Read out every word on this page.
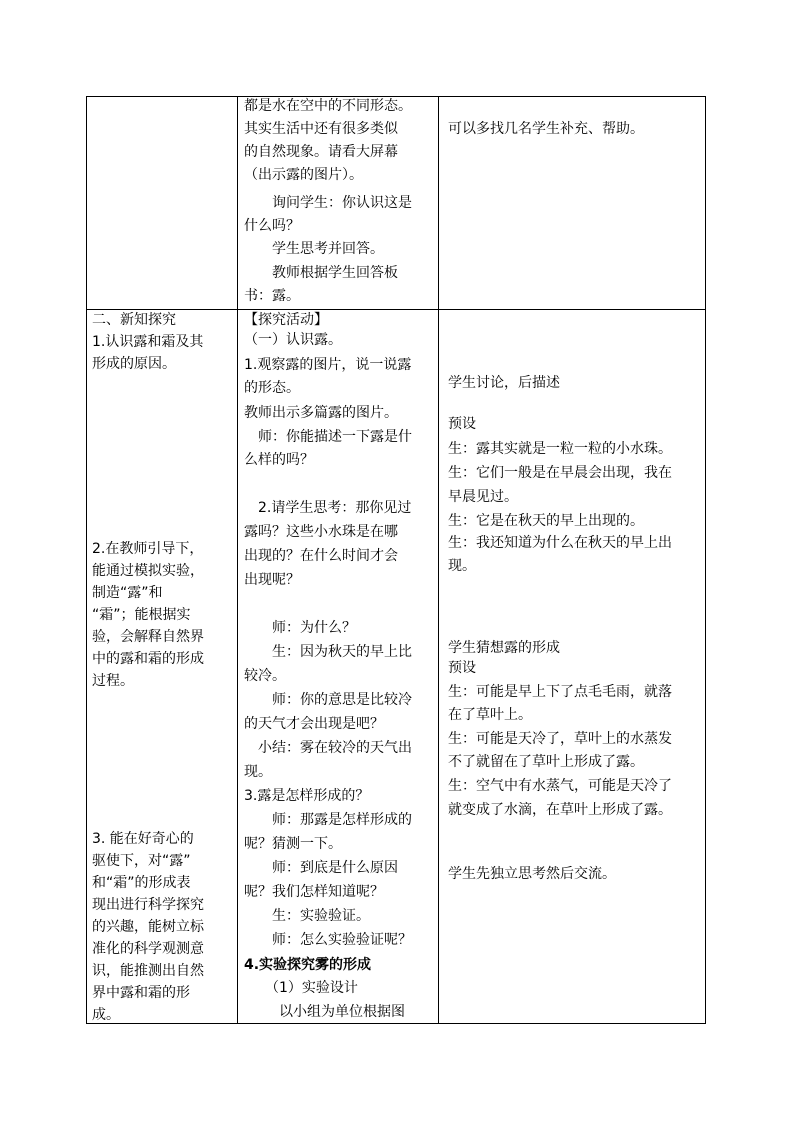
都是水在空中的不同形态。
其实生活中还有很多类似
的自然现象。请看大屏幕
（出示露的图片）。
询问学生：你认识这是
什么吗？
学生思考并回答。
教师根据学生回答板
书：露。
可以多找几名学生补充、帮助。
二、新知探究
1.认识露和霜及其
形成的原因。
2.在教师引导下，
能通过模拟实验，
制造“露”和
“霜”；能根据实
验，会解释自然界
中的露和霜的形成
过程。
3. 能在好奇心的
驱使下，对“露”
和“霜”的形成表
现出进行科学探究
的兴趣，能树立标
准化的科学观测意
识，能推测出自然
界中露和霜的形
成。
【探究活动】
（一）认识露。
1.观察露的图片，说一说露
的形态。
教师出示多篇露的图片。
师：你能描述一下露是什
么样的吗？
2.请学生思考：那你见过
露吗？这些小水珠是在哪
出现的？在什么时间才会
出现呢？
师：为什么？
生：因为秋天的早上比
较冷。
师：你的意思是比较冷
的天气才会出现是吧？
小结：雾在较冷的天气出
现。
3.露是怎样形成的？
师：那露是怎样形成的
呢？猜测一下。
师：到底是什么原因
呢？我们怎样知道呢？
生：实验验证。
师：怎么实验验证呢？
4.实验探究雾的形成
（1）实验设计
以小组为单位根据图
学生讨论，后描述
预设
生：露其实就是一粒一粒的小水珠。
生：它们一般是在早晨会出现，我在
早晨见过。
生：它是在秋天的早上出现的。
生：我还知道为什么在秋天的早上出
现。
学生猜想露的形成
预设
生：可能是早上下了点毛毛雨，就落
在了草叶上。
生：可能是天冷了，草叶上的水蒸发
不了就留在了草叶上形成了露。
生：空气中有水蒸气，可能是天冷了
就变成了水滴，在草叶上形成了露。
学生先独立思考然后交流。
